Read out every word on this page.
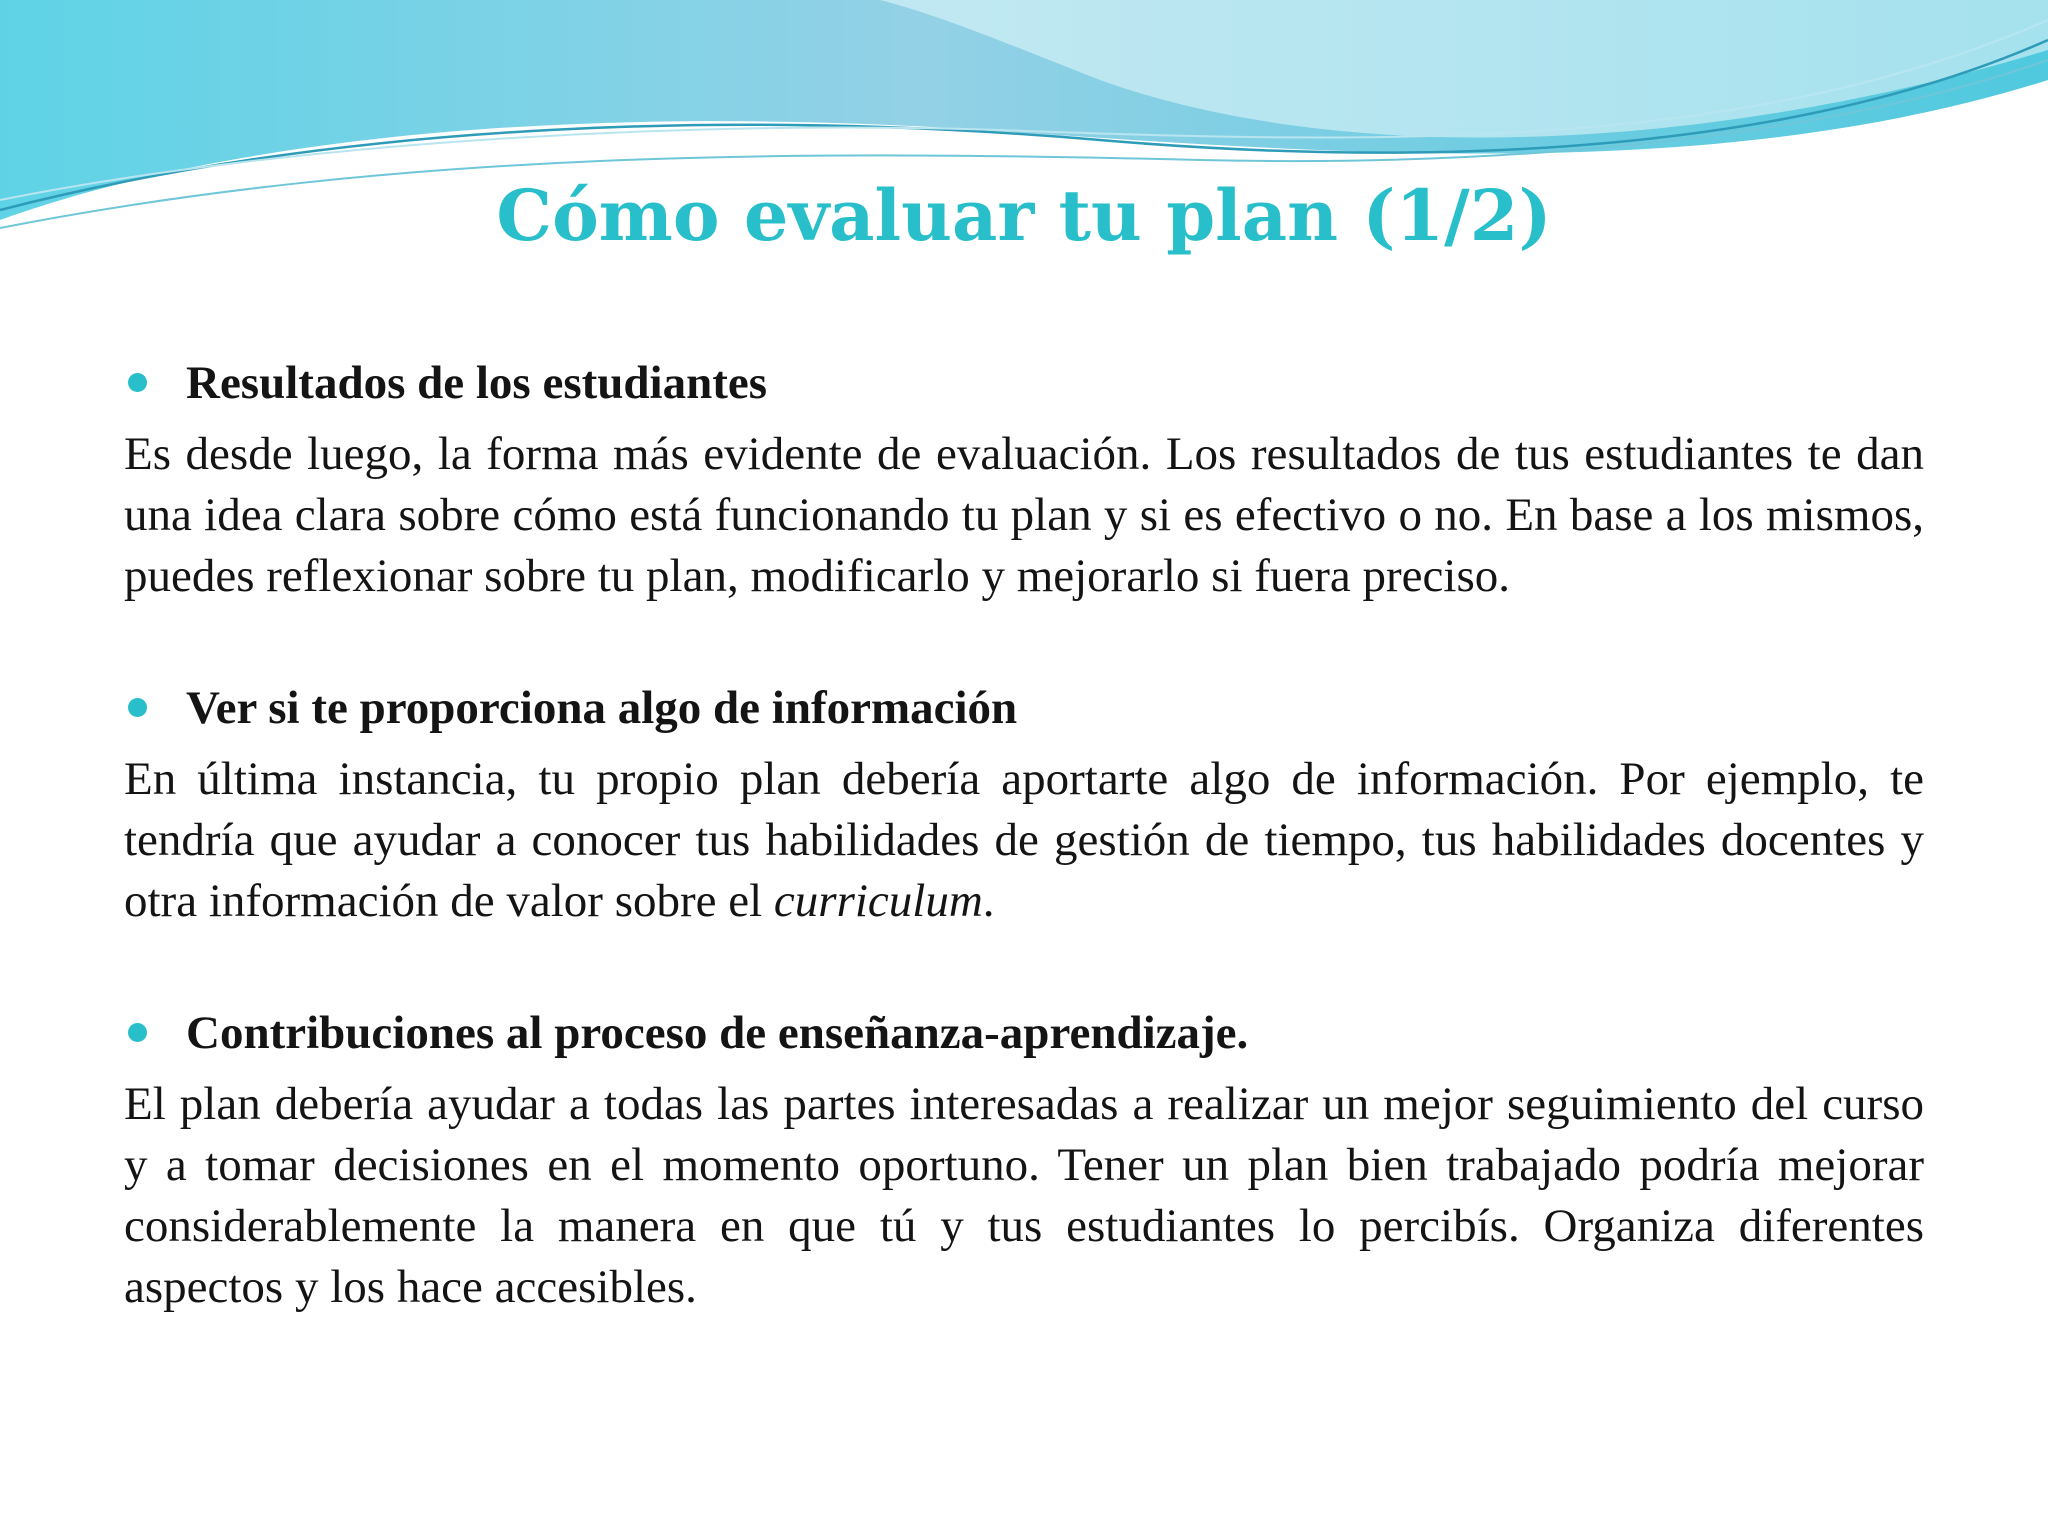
Cómo evaluar tu plan (1/2)
Resultados de los estudiantes

Es desde luego, la forma más evidente de evaluación. Los resultados de tus estudiantes te dan una idea clara sobre cómo está funcionando tu plan y si es efectivo o no. En base a los mismos, puedes reflexionar sobre tu plan, modificarlo y mejorarlo si fuera preciso.

Ver si te proporciona algo de información

En última instancia, tu propio plan debería aportarte algo de información. Por ejemplo, te tendría que ayudar a conocer tus habilidades de gestión de tiempo, tus habilidades docentes y otra información de valor sobre el curriculum.

Contribuciones al proceso de enseñanza-aprendizaje.

El plan debería ayudar a todas las partes interesadas a realizar un mejor seguimiento del curso y a tomar decisiones en el momento oportuno. Tener un plan bien trabajado podría mejorar considerablemente la manera en que tú y tus estudiantes lo percibís. Organiza diferentes aspectos y los hace accesibles.
